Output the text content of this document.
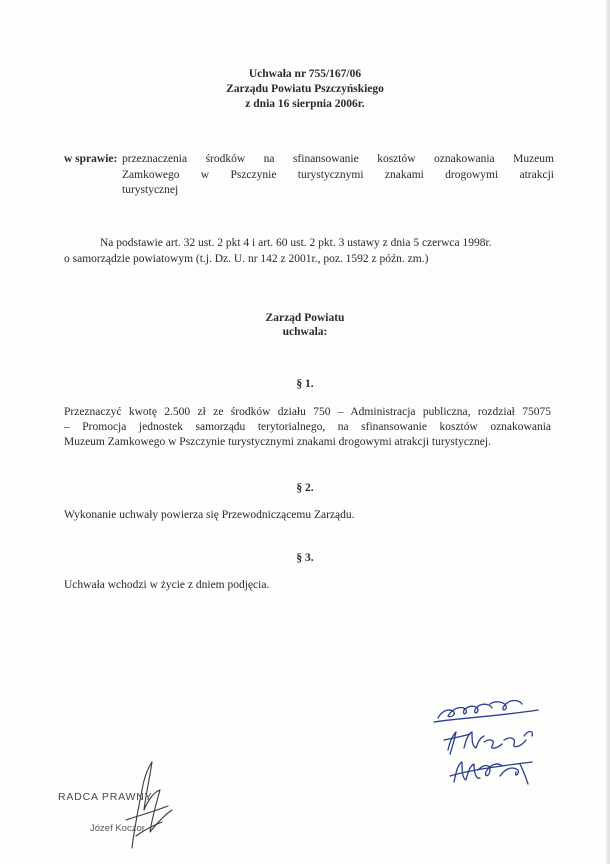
Uchwała nr 755/167/06
Zarządu Powiatu Pszczyńskiego
z dnia 16 sierpnia 2006r.
w sprawie: przeznaczenia środków na sfinansowanie kosztów oznakowania Muzeum
Zamkowego w Pszczynie turystycznymi znakami drogowymi atrakcji
turystycznej
Na podstawie art. 32 ust. 2 pkt 4 i art. 60 ust. 2 pkt. 3 ustawy z dnia 5 czerwca 1998r.
o samorządzie powiatowym (t.j. Dz. U. nr 142 z 2001r., poz. 1592 z późn. zm.)
Zarząd Powiatu
uchwala:
§ 1.
Przeznaczyć kwotę 2.500 zł ze środków działu 750 – Administracja publiczna, rozdział 75075
– Promocja jednostek samorządu terytorialnego, na sfinansowanie kosztów oznakowania
Muzeum Zamkowego w Pszczynie turystycznymi znakami drogowymi atrakcji turystycznej.
§ 2.
Wykonanie uchwały powierza się Przewodniczącemu Zarządu.
§ 3.
Uchwała wchodzi w życie z dniem podjęcia.
RADCA PRAWNY
Józef Koczor
